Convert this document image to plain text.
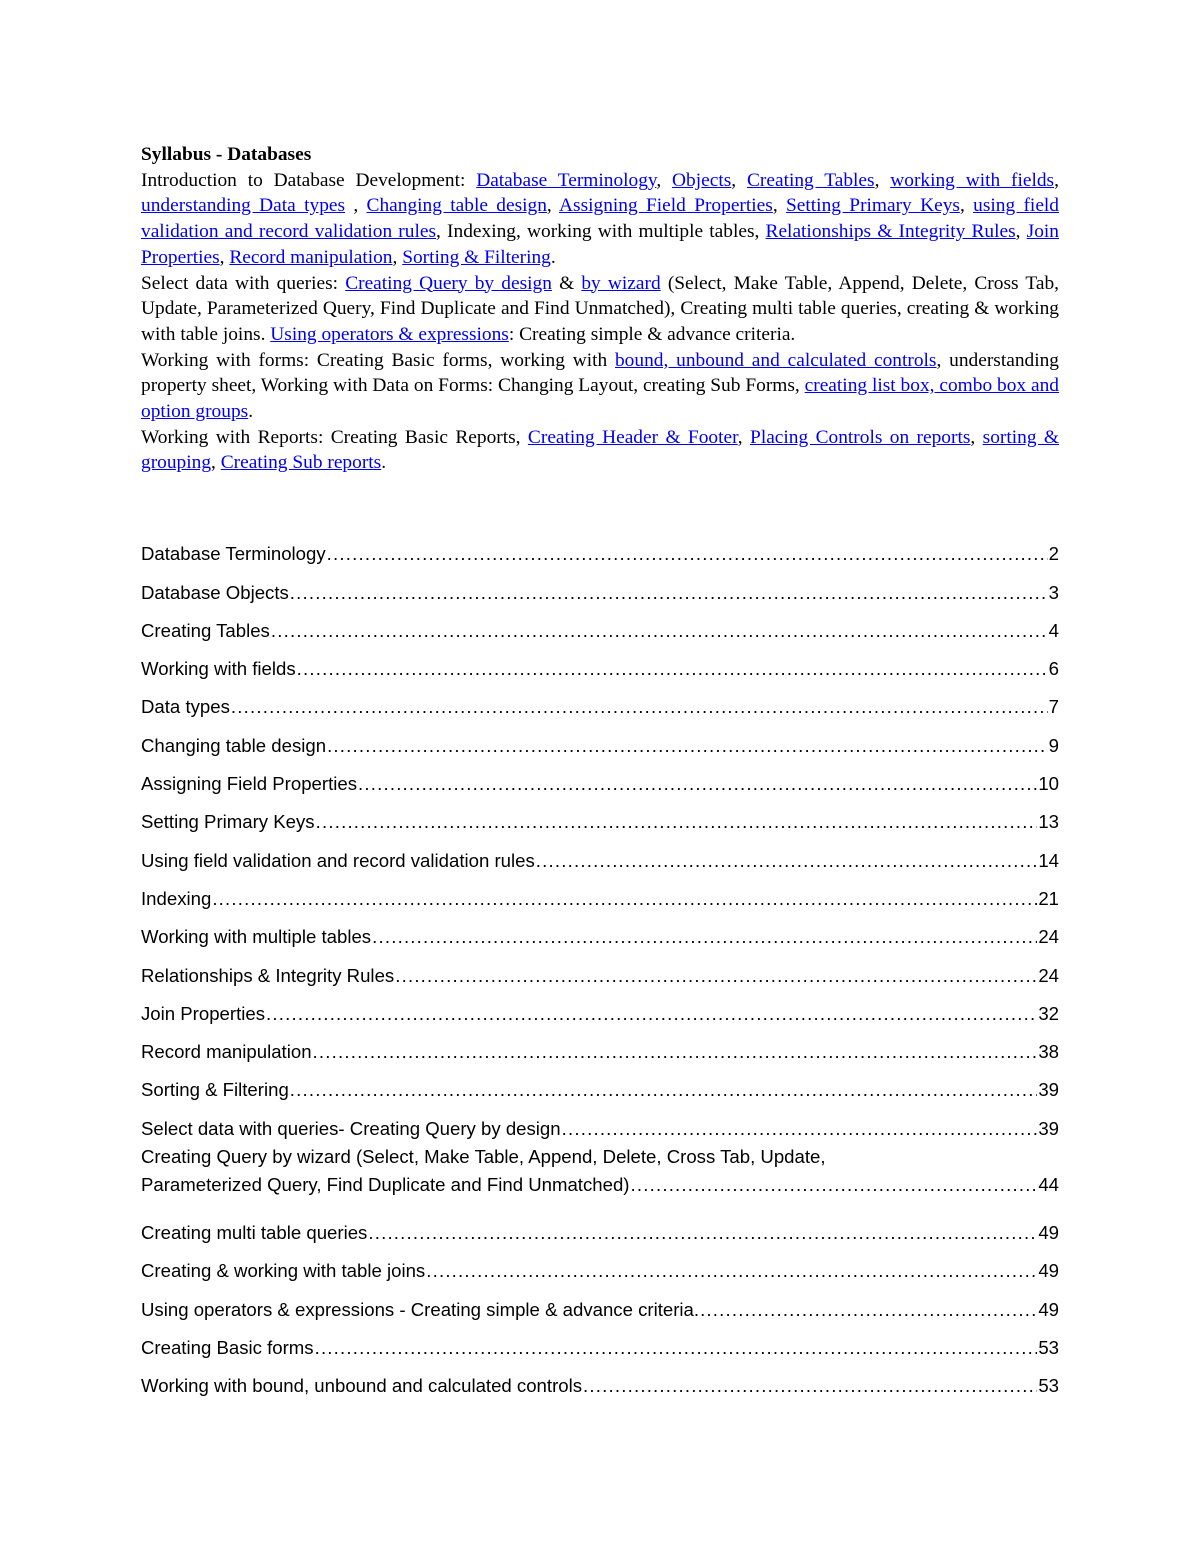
Syllabus - Databases

Introduction to Database Development: Database Terminology, Objects, Creating Tables, working with fields, understanding Data types , Changing table design, Assigning Field Properties, Setting Primary Keys, using field validation and record validation rules, Indexing, working with multiple tables, Relationships & Integrity Rules, Join Properties, Record manipulation, Sorting & Filtering.

Select data with queries: Creating Query by design & by wizard (Select, Make Table, Append, Delete, Cross Tab, Update, Parameterized Query, Find Duplicate and Find Unmatched), Creating multi table queries, creating & working with table joins. Using operators & expressions: Creating simple & advance criteria.

Working with forms: Creating Basic forms, working with bound, unbound and calculated controls, understanding property sheet, Working with Data on Forms: Changing Layout, creating Sub Forms, creating list box, combo box and option groups.

Working with Reports: Creating Basic Reports, Creating Header & Footer, Placing Controls on reports, sorting & grouping, Creating Sub reports.

Database Terminology .....	2
Database Objects .....	3
Creating Tables .....	4
Working with fields .....	6
Data types .....	7
Changing table design .....	9
Assigning Field Properties .....	10
Setting Primary Keys .....	13
Using field validation and record validation rules .....	14
Indexing .....	21
Working with multiple tables .....	24
Relationships & Integrity Rules .....	24
Join Properties .....	32
Record manipulation .....	38
Sorting & Filtering .....	39
Select data with queries- Creating Query by design .....	39
Creating Query by wizard (Select, Make Table, Append, Delete, Cross Tab, Update,
Parameterized Query, Find Duplicate and Find Unmatched) .....	44
Creating multi table queries .....	49
Creating & working with table joins .....	49
Using operators & expressions - Creating simple & advance criteria. .....	49
Creating Basic forms .....	53
Working with bound, unbound and calculated controls .....	53
